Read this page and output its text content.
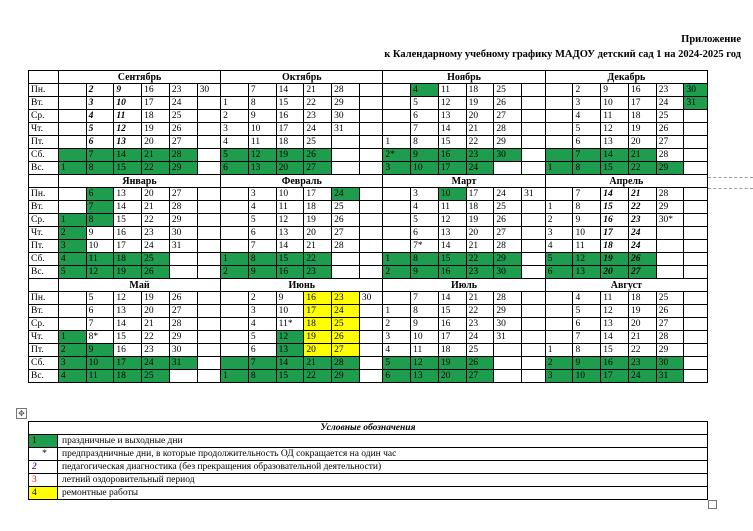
Приложение
к Календарному учебному графику МАДОУ детский сад 1 на 2024-2025 год
	Сентябрь						Октябрь						Ноябрь						Декабрь					
Пн.		2	9	16	23	30		7	14	21	28			4	11	18	25			2	9	16	23	30
Вт.		3	10	17	24		1	8	15	22	29			5	12	19	26			3	10	17	24	31
Ср.		4	11	18	25		2	9	16	23	30			6	13	20	27			4	11	18	25	
Чт.		5	12	19	26		3	10	17	24	31			7	14	21	28			5	12	19	26	
Пт.		6	13	20	27		4	11	18	25			1	8	15	22	29			6	13	20	27	
Сб.		7	14	21	28		5	12	19	26			2*	9	16	23	30			7	14	21	28	
Вс.	1	8	15	22	29		6	13	20	27			3	10	17	24			1	8	15	22	29	
	Январь						Февраль						Март						Апрель					
Пн.		6	13	20	27			3	10	17	24			3	10	17	24	31		7	14	21	28	
Вт.		7	14	21	28			4	11	18	25			4	11	18	25		1	8	15	22	29	
Ср.	1	8	15	22	29			5	12	19	26			5	12	19	26		2	9	16	23	30*	
Чт.	2	9	16	23	30			6	13	20	27			6	13	20	27		3	10	17	24		
Пт.	3	10	17	24	31			7	14	21	28			7*	14	21	28		4	11	18	24		
Сб.	4	11	18	25			1	8	15	22			1	8	15	22	29		5	12	19	26		
Вс.	5	12	19	26			2	9	16	23			2	9	16	23	30		6	13	20	27		
	Май						Июнь						Июль						Август					
Пн.		5	12	19	26			2	9	16	23	30		7	14	21	28			4	11	18	25	
Вт.		6	13	20	27			3	10	17	24		1	8	15	22	29			5	12	19	26	
Ср.		7	14	21	28			4	11*	18	25		2	9	16	23	30			6	13	20	27	
Чт.	1	8*	15	22	29			5	12	19	26		3	10	17	24	31			7	14	21	28	
Пт.	2	9	16	23	30			6	13	20	27		4	11	18	25			1	8	15	22	29	
Сб.	3	10	17	24	31			7	14	21	28		5	12	19	26			2	9	16	23	30	
Вс.	4	11	18	25			1	8	15	22	29		6	13	20	27			3	10	17	24	31	
✥
Условные обозначения	
1	праздничные и выходные дни
*	предпраздничные дни, в которые продолжительность ОД сокращается на один час
2	педагогическая диагностика (без прекращения образовательной деятельности)
3	летний оздоровительный период
4	ремонтные работы
